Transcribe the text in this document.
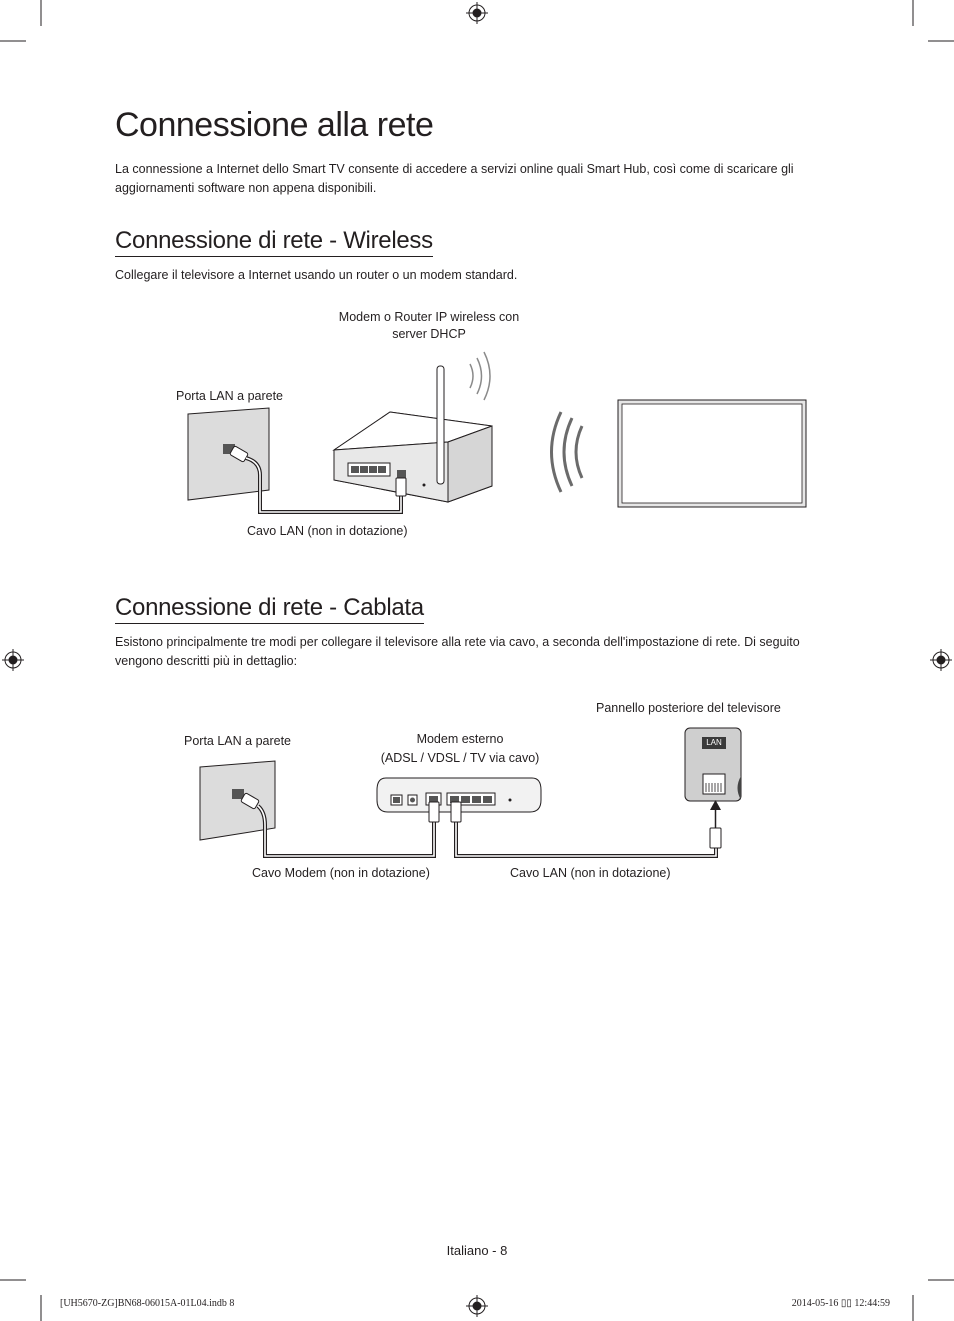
Connessione alla rete

La connessione a Internet dello Smart TV consente di accedere a servizi online quali Smart Hub, così come di scaricare gli aggiornamenti software non appena disponibili.

Connessione di rete - Wireless

Collegare il televisore a Internet usando un router o un modem standard.

Modem o Router IP wireless con
server DHCP
Porta LAN a parete
Cavo LAN (non in dotazione)
Connessione di rete - Cablata

Esistono principalmente tre modi per collegare il televisore alla rete via cavo, a seconda dell'impostazione di rete. Di seguito vengono descritti più in dettaglio:

Pannello posteriore del televisore
Porta LAN a parete	Modem esterno
(ADSL / VDSL / TV via cavo)
Cavo Modem (non in dotazione)	Cavo LAN (non in dotazione)
LAN
Italiano - 8
[UH5670-ZG]BN68-06015A-01L04.indb 8	2014-05-16 ▯▯ 12:44:59
